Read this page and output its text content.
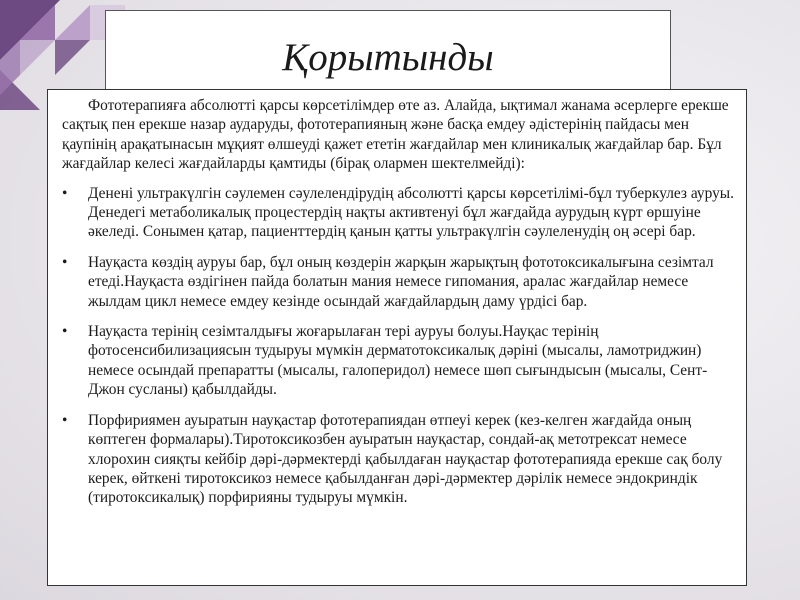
Қорытынды

Фототерапияға абсолютті қарсы көрсетілімдер өте аз. Алайда, ықтимал жанама әсерлерге ерекше сақтық пен ерекше назар аударуды, фототерапияның және басқа емдеу әдістерінің пайдасы мен қаупінің арақатынасын мұқият өлшеуді қажет ететін жағдайлар мен клиникалық жағдайлар бар. Бұл жағдайлар келесі жағдайларды қамтиды (бірақ олармен шектелмейді):

• Денені ультракүлгін сәулемен сәулелендірудің абсолютті қарсы көрсетілімі-бұл туберкулез ауруы. Денедегі метаболикалық процестердің нақты активтенуі бұл жағдайда аурудың күрт өршуіне әкеледі. Сонымен қатар, пациенттердің қанын қатты ультракүлгін сәулеленудің оң әсері бар.
• Науқаста көздің ауруы бар, бұл оның көздерін жарқын жарықтың фототоксикалығына сезімтал етеді.Науқаста өздігінен пайда болатын мания немесе гипомания, аралас жағдайлар немесе жылдам цикл немесе емдеу кезінде осындай жағдайлардың даму үрдісі бар.
• Науқаста терінің сезімталдығы жоғарылаған тері ауруы болуы.Науқас терінің фотосенсибилизациясын тудыруы мүмкін дерматотоксикалық дәріні (мысалы, ламотриджин) немесе осындай препаратты (мысалы, галоперидол) немесе шөп сығындысын (мысалы, Сент-Джон сусланы) қабылдайды.
• Порфириямен ауыратын науқастар фототерапиядан өтпеуі керек (кез-келген жағдайда оның көптеген формалары).Тиротоксикозбен ауыратын науқастар, сондай-ақ метотрексат немесе хлорохин сияқты кейбір дәрі-дәрмектерді қабылдаған науқастар фототерапияда ерекше сақ болу керек, өйткені тиротоксикоз немесе қабылданған дәрі-дәрмектер дәрілік немесе эндокриндік (тиротоксикалық) порфирияны тудыруы мүмкін.
